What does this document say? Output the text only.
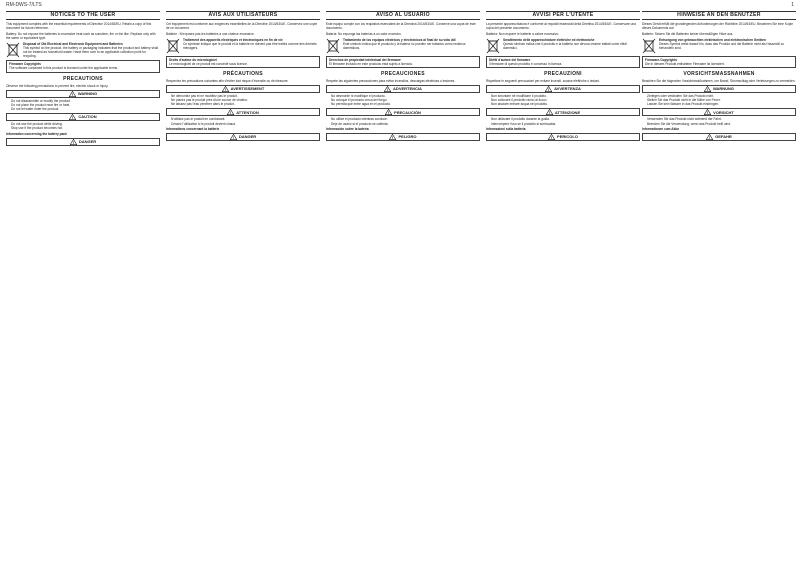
RM-DWS-7/LTS	1
NOTICES TO THE USER
This equipment complies with the essential requirements of Directive 2014/53/EU. Retain a copy of this document for future reference.
Battery: Do not expose the batteries to excessive heat such as sunshine, fire or the like. Replace only with the same or equivalent type.
Disposal of Old Electrical and Electronic Equipment and Batteries
This symbol on the product, the battery or packaging indicates that the product and battery shall not be treated as household waste. Hand them over to an applicable collection point for recycling.
Firmware Copyrights
The software contained in this product is licensed under the applicable terms.
PRECAUTIONS
Observe the following precautions to prevent fire, electric shock or injury.
! WARNING
• Do not disassemble or modify the product.
• Do not place the product near fire or heat.
• Do not let water enter the product.
! CAUTION
• Do not use the product while driving.
• Stop use if the product becomes hot.
Information concerning the battery pack
! DANGER
AVIS AUX UTILISATEURS
Cet équipement est conforme aux exigences essentielles de la Directive 2014/53/UE. Conservez une copie de ce document.
Batterie : N'exposez pas les batteries à une chaleur excessive.
Traitement des appareils électriques et électroniques en fin de vie
Ce symbole indique que le produit et la batterie ne doivent pas être traités comme des déchets ménagers.
Droits d'auteur du micrologiciel
Le micrologiciel de ce produit est concédé sous licence.
PRÉCAUTIONS
Respectez les précautions suivantes afin d'éviter tout risque d'incendie ou de blessure.
! AVERTISSEMENT
• Ne démontez pas et ne modifiez pas le produit.
• Ne placez pas le produit près d'une source de chaleur.
• Ne laissez pas l'eau pénétrer dans le produit.
! ATTENTION
• N'utilisez pas le produit en conduisant.
• Cessez l'utilisation si le produit devient chaud.
Informations concernant la batterie
! DANGER
AVISO AL USUARIO
Este equipo cumple con los requisitos esenciales de la Directiva 2014/53/UE. Conserve una copia de este documento.
Batería: No exponga las baterías a un calor excesivo.
Tratamiento de los equipos eléctricos y electrónicos al final de su vida útil
Este símbolo indica que el producto y la batería no pueden ser tratados como residuos domésticos.
Derechos de propiedad intelectual del firmware
El firmware incluido en este producto está sujeto a licencia.
PRECAUCIONES
Respete las siguientes precauciones para evitar incendios, descargas eléctricas o lesiones.
! ADVERTENCIA
• No desmonte ni modifique el producto.
• No coloque el producto cerca del fuego.
• No permita que entre agua en el producto.
! PRECAUCIÓN
• No utilice el producto mientras conduce.
• Deje de usarlo si el producto se calienta.
Información sobre la batería
! PELIGRO
AVVISI PER L'UTENTE
La presente apparecchiatura è conforme ai requisiti essenziali della Direttiva 2014/53/UE. Conservare una copia del presente documento.
Batteria: Non esporre le batterie a calore eccessivo.
Smaltimento delle apparecchiature elettriche ed elettroniche
Questo simbolo indica che il prodotto e la batteria non devono essere trattati come rifiuti domestici.
Diritti d'autore del firmware
Il firmware di questo prodotto è concesso in licenza.
PRECAUZIONI
Rispettare le seguenti precauzioni per evitare incendi, scosse elettriche o lesioni.
! AVVERTENZA
• Non smontare né modificare il prodotto.
• Non collocare il prodotto vicino al fuoco.
• Non lasciare entrare acqua nel prodotto.
! ATTENZIONE
• Non utilizzare il prodotto durante la guida.
• Interrompere l'uso se il prodotto si surriscalda.
Informazioni sulla batteria
! PERICOLO
HINWEISE AN DEN BENUTZER
Dieses Gerät erfüllt die grundlegenden Anforderungen der Richtlinie 2014/53/EU. Bewahren Sie eine Kopie dieses Dokuments auf.
Batterie: Setzen Sie die Batterien keiner übermäßigen Hitze aus.
Entsorgung von gebrauchten elektrischen und elektronischen Geräten
Dieses Symbol weist darauf hin, dass das Produkt und die Batterie nicht als Hausmüll zu behandeln sind.
Firmware-Copyrights
Die in diesem Produkt enthaltene Firmware ist lizenziert.
VORSICHTSMASSNAHMEN
Beachten Sie die folgenden Vorsichtsmaßnahmen, um Brand, Stromschlag oder Verletzungen zu vermeiden.
! WARNUNG
• Zerlegen oder verändern Sie das Produkt nicht.
• Stellen Sie das Produkt nicht in die Nähe von Feuer.
• Lassen Sie kein Wasser in das Produkt eindringen.
! VORSICHT
• Verwenden Sie das Produkt nicht während der Fahrt.
• Beenden Sie die Verwendung, wenn das Produkt heiß wird.
Informationen zum Akku
! GEFAHR
